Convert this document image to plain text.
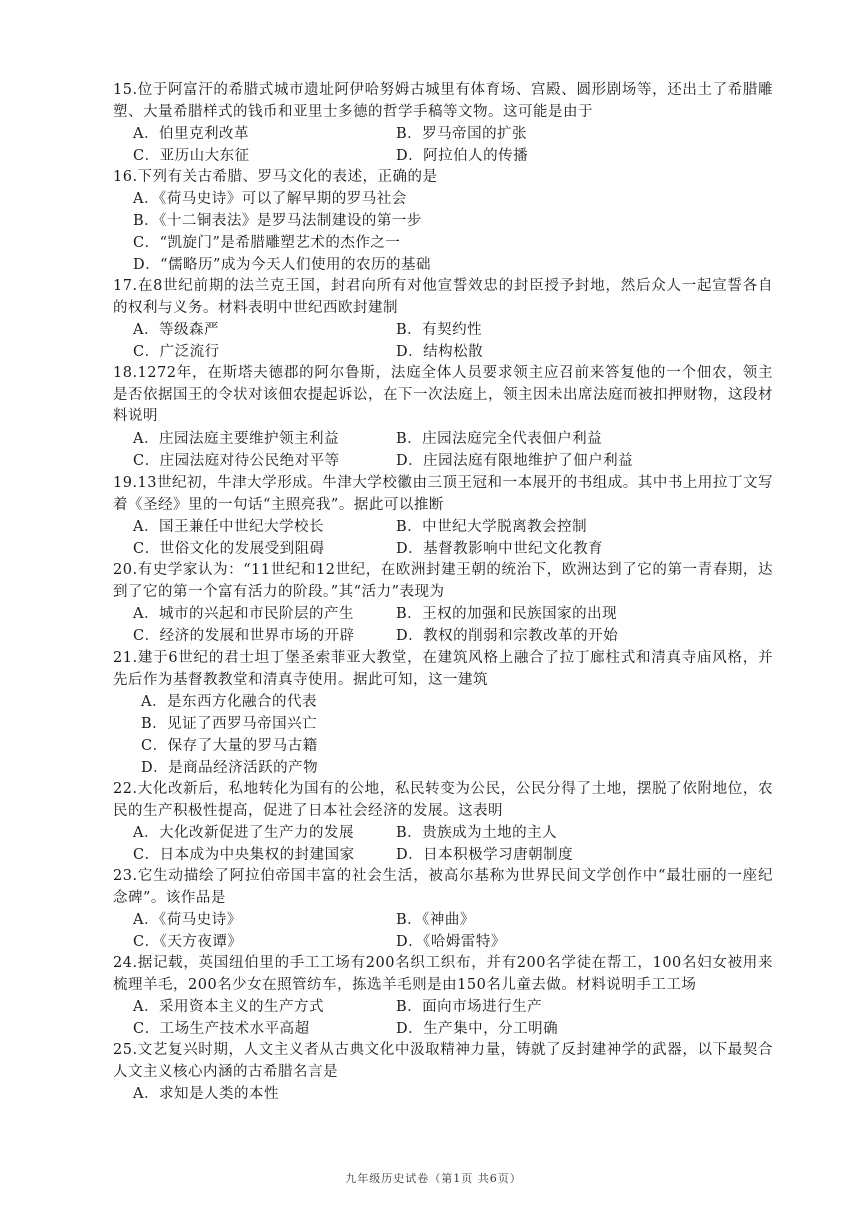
15.位于阿富汗的希腊式城市遗址阿伊哈努姆古城里有体育场、宫殿、圆形剧场等，还出土了希腊雕塑、大量希腊样式的钱币和亚里士多德的哲学手稿等文物。这可能是由于
A．伯里克利改革	B．罗马帝国的扩张
C．亚历山大东征	D．阿拉伯人的传播
16.下列有关古希腊、罗马文化的表述，正确的是
A．《荷马史诗》可以了解早期的罗马社会
B．《十二铜表法》是罗马法制建设的第一步
C．“凯旋门”是希腊雕塑艺术的杰作之一
D．“儒略历”成为今天人们使用的农历的基础
17.在8世纪前期的法兰克王国，封君向所有对他宣誓效忠的封臣授予封地，然后众人一起宣誓各自的权利与义务。材料表明中世纪西欧封建制
A．等级森严	B．有契约性
C．广泛流行	D．结构松散
18.1272年，在斯塔夫德郡的阿尔鲁斯，法庭全体人员要求领主应召前来答复他的一个佃农，领主是否依据国王的令状对该佃农提起诉讼，在下一次法庭上，领主因未出席法庭而被扣押财物，这段材料说明
A．庄园法庭主要维护领主利益	B．庄园法庭完全代表佃户利益
C．庄园法庭对待公民绝对平等	D．庄园法庭有限地维护了佃户利益
19.13世纪初，牛津大学形成。牛津大学校徽由三顶王冠和一本展开的书组成。其中书上用拉丁文写着《圣经》里的一句话“主照亮我”。据此可以推断
A．国王兼任中世纪大学校长	B．中世纪大学脱离教会控制
C．世俗文化的发展受到阻碍	D．基督教影响中世纪文化教育
20.有史学家认为：“11世纪和12世纪，在欧洲封建王朝的统治下，欧洲达到了它的第一青春期，达到了它的第一个富有活力的阶段。”其“活力”表现为
A．城市的兴起和市民阶层的产生	B．王权的加强和民族国家的出现
C．经济的发展和世界市场的开辟	D．教权的削弱和宗教改革的开始
21.建于6世纪的君士坦丁堡圣索菲亚大教堂，在建筑风格上融合了拉丁廊柱式和清真寺庙风格，并先后作为基督教教堂和清真寺使用。据此可知，这一建筑
A．是东西方化融合的代表
B．见证了西罗马帝国兴亡
C．保存了大量的罗马古籍
D．是商品经济活跃的产物
22.大化改新后，私地转化为国有的公地，私民转变为公民，公民分得了土地，摆脱了依附地位，农民的生产积极性提高，促进了日本社会经济的发展。这表明
A．大化改新促进了生产力的发展	B．贵族成为土地的主人
C．日本成为中央集权的封建国家	D．日本积极学习唐朝制度
23.它生动描绘了阿拉伯帝国丰富的社会生活，被高尔基称为世界民间文学创作中“最壮丽的一座纪念碑”。该作品是
A．《荷马史诗》	B．《神曲》
C．《天方夜谭》	D．《哈姆雷特》
24.据记载，英国纽伯里的手工工场有200名织工织布，并有200名学徒在帮工，100名妇女被用来梳理羊毛，200名少女在照管纺车，拣选羊毛则是由150名儿童去做。材料说明手工工场
A．采用资本主义的生产方式	B．面向市场进行生产
C．工场生产技术水平高超	D．生产集中，分工明确
25.文艺复兴时期，人文主义者从古典文化中汲取精神力量，铸就了反封建神学的武器，以下最契合人文主义核心内涵的古希腊名言是
A．求知是人类的本性
九年级历史试卷（第1页 共6页）
